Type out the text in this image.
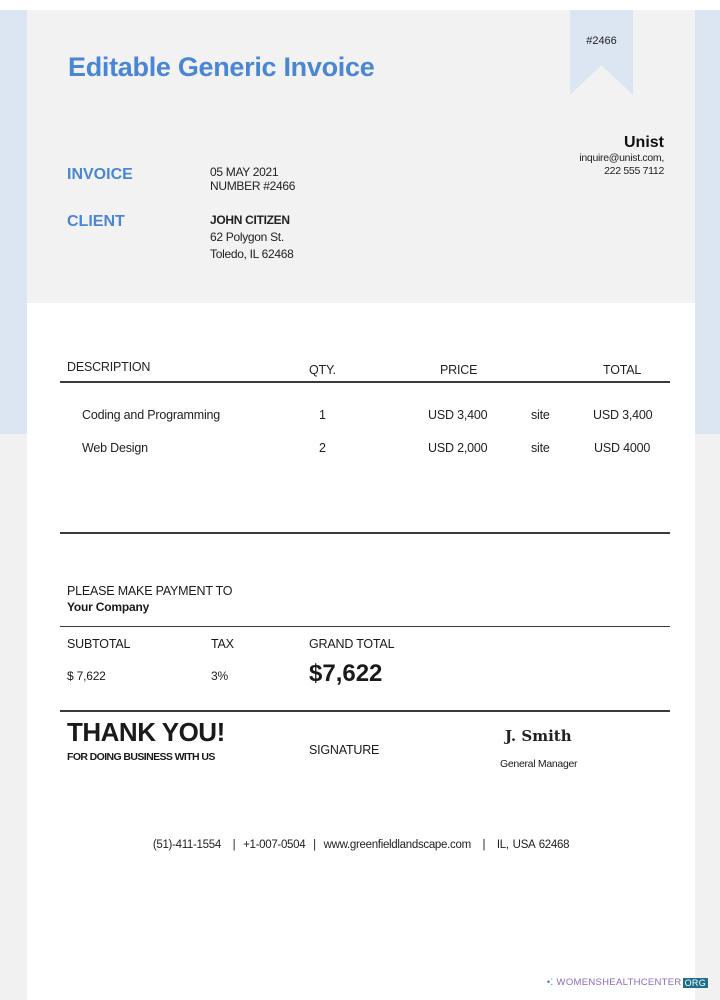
#2466
Editable Generic Invoice
Unist
inquire@unist.com,
222 555 7112
INVOICE	05 MAY 2021
NUMBER #2466
CLIENT	JOHN CITIZEN
62 Polygon St.
Toledo, IL 62468
DESCRIPTION	QTY.	PRICE	TOTAL
Coding and Programming	1	USD 3,400	site	USD 3,400
Web Design	2	USD 2,000	site	USD 4000
PLEASE MAKE PAYMENT TO
Your Company
SUBTOTAL	TAX	GRAND TOTAL
$ 7,622	3%	$7,622
THANK YOU!
FOR DOING BUSINESS WITH US	SIGNATURE
J. Smith
General Manager
(51)-411-1554   |  +1-007-0504  |  www.greenfieldlandscape.com   |   IL, USA 62468
•⁚ WOMENSHEALTHCENTER ORG
